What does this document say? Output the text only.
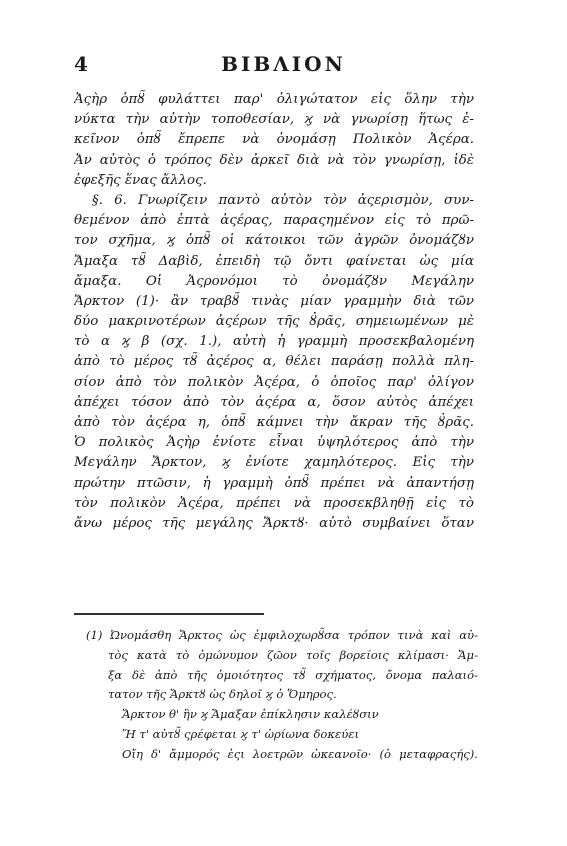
4	ΒΙΒΛΙΟΝ
Ἀςὴρ ὁπȣ̃ φυλάττει παρ' ὀλιγώτατον εἰς ὅλην τὴν
νύκτα τὴν αὐτὴν τοποθεσίαν, ϗ νὰ γνωρίσῃ ἥτως ἐ-
κεῖνον ὁπȣ̃ ἔπρεπε νὰ ὀνομάσῃ Πολικὸν Ἀςέρα.
Ἀν αὐτὸς ὁ τρόπος δὲν ἀρκεῖ διὰ νὰ τὸν γνωρίσῃ, ἰδὲ
ἐφεξῆς ἕνας ἄλλος.
§. 6. Γνωρίζειν παντὸ αὐτὸν τὸν ἀςερισμὸν, συν-
θεμένον ἀπὸ ἑπτὰ ἀςέρας, παραςημένον εἰς τὸ πρῶ-
τον σχῆμα, ϗ ὁπȣ̃ οἱ κάτοικοι τῶν ἀγρῶν ὀνομάζȣν
Ἄμαξα τȣ̃ Δαβὶδ, ἐπειδὴ τῷ ὄντι φαίνεται ὡς μία
ἄμαξα. Οἱ Ἀςρονόμοι τὸ ὀνομάζȣν Μεγάλην
Ἄρκτον (1)· ἂν τραβȣ̃ τινὰς μίαν γραμμὴν διὰ τῶν
δύο μακρινοτέρων ἀςέρων τῆς ȣ̓ρᾶς, σημειωμένων μὲ
τὸ α ϗ β (σχ. 1.), αὐτὴ ἡ γραμμὴ προσεκβαλομένη
ἀπὸ τὸ μέρος τȣ̃ ἀςέρος α, θέλει παράσῃ πολλὰ πλη-
σίον ἀπὸ τὸν πολικὸν Ἀςέρα, ὁ ὁποῖος παρ' ὀλίγον
ἀπέχει τόσον ἀπὸ τὸν ἀςέρα α, ὅσον αὐτὸς ἀπέχει
ἀπὸ τὸν ἀςέρα η, ὁπȣ̃ κάμνει τὴν ἄκραν τῆς ȣ̓ρᾶς.
Ὁ πολικὸς Ἀςὴρ ἐνίοτε εἶναι ὑψηλότερος ἀπὸ τὴν
Μεγάλην Ἄρκτον, ϗ ἐνίοτε χαμηλότερος. Εἰς τὴν
πρώτην πτῶσιν, ἡ γραμμὴ ὁπȣ̃ πρέπει νὰ ἀπαντήσῃ
τὸν πολικὸν Ἀςέρα, πρέπει νὰ προσεκβληθῇ εἰς τὸ
ἄνω μέρος τῆς μεγάλης Ἄρκτȣ· αὐτὸ συμβαίνει ὅταν
(1) Ὠνομάσθη Ἄρκτος ὡς ἐμφιλοχωρȣ̃σα τρόπον τινὰ καὶ αὐ-
τὸς κατὰ τὸ ὁμώνυμον ζῶον τοῖς βορείοις κλίμασι· Ἄμ-
ξα δὲ ἀπὸ τῆς ὁμοιότητος τȣ̃ σχήματος, ὄνομα παλαιό-
τατον τῆς Ἄρκτȣ ὡς δηλοῖ ϗ ὁ Ὅμηρος.
Ἄρκτον θ' ἣν ϗ Ἄμαξαν ἐπίκλησιν καλέȣσιν
Ἥ τ' αὐτȣ̃ ςρέφεται ϗ τ' ὠρίωνα δοκεύει
Οἴη δ' ἄμμορός ἐςι λοετρῶν ὠκεανοῖο· (ὁ μεταφραςής).
